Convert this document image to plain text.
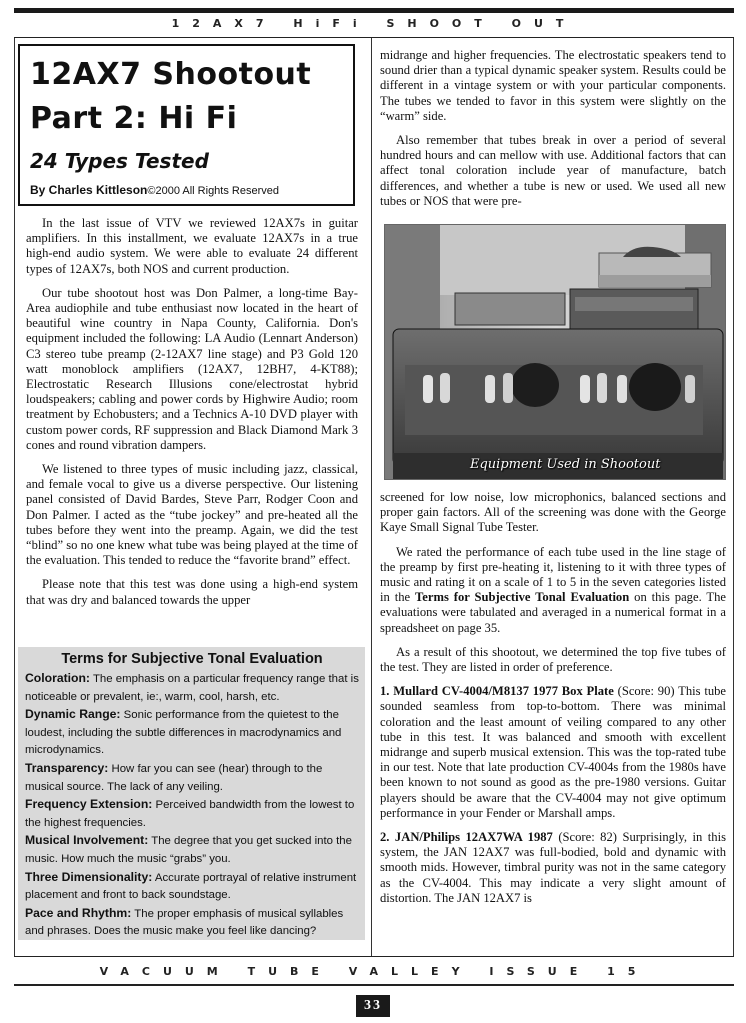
12AX7 HiFi SHOOT OUT
12AX7 Shootout
Part 2: Hi Fi
24 Types Tested
By Charles Kittleson©2000 All Rights Reserved

In the last issue of VTV we reviewed 12AX7s in guitar amplifiers. In this installment, we evaluate 12AX7s in a true high-end audio system. We were able to evaluate 24 different types of 12AX7s, both NOS and current production.

Our tube shootout host was Don Palmer, a long-time Bay-Area audiophile and tube enthusiast now located in the heart of beautiful wine country in Napa County, California. Don's equipment included the following: LA Audio (Lennart Anderson) C3 stereo tube preamp (2-12AX7 line stage) and P3 Gold 120 watt monoblock amplifiers (12AX7, 12BH7, 4-KT88); Electrostatic Research Illusions cone/electrostat hybrid loudspeakers; cabling and power cords by Highwire Audio; room treatment by Echobusters; and a Technics A-10 DVD player with custom power cords, RF suppression and Black Diamond Mark 3 cones and round vibration dampers.

We listened to three types of music including jazz, classical, and female vocal to give us a diverse perspective. Our listening panel consisted of David Bardes, Steve Parr, Rodger Coon and Don Palmer. I acted as the “tube jockey” and pre-heated all the tubes before they went into the preamp. Again, we did the test “blind” so no one knew what tube was being played at the time of the evaluation. This tended to reduce the “favorite brand” effect.

Please note that this test was done using a high-end system that was dry and balanced towards the upper

Terms for Subjective Tonal Evaluation

Coloration: The emphasis on a particular frequency range that is noticeable or prevalent, ie:, warm, cool, harsh, etc.

Dynamic Range: Sonic performance from the quietest to the loudest, including the subtle differences in macrodynamics and microdynamics.

Transparency: How far you can see (hear) through to the musical source. The lack of any veiling.

Frequency Extension: Perceived bandwidth from the lowest to the highest frequencies.

Musical Involvement: The degree that you get sucked into the music. How much the music “grabs” you.

Three Dimensionality: Accurate portrayal of relative instrument placement and front to back soundstage.

Pace and Rhythm: The proper emphasis of musical syllables and phrases. Does the music make you feel like dancing?

midrange and higher frequencies. The electrostatic speakers tend to sound drier than a typical dynamic speaker system. Results could be different in a vintage system or with your particular components. The tubes we tended to favor in this system were slightly on the “warm” side.

Also remember that tubes break in over a period of several hundred hours and can mellow with use. Additional factors that can affect tonal coloration include year of manufacture, batch differences, and whether a tube is new or used. We used all new tubes or NOS that were pre-

Equipment Used in Shootout

screened for low noise, low microphonics, balanced sections and proper gain factors. All of the screening was done with the George Kaye Small Signal Tube Tester.

We rated the performance of each tube used in the line stage of the preamp by first pre-heating it, listening to it with three types of music and rating it on a scale of 1 to 5 in the seven categories listed in the Terms for Subjective Tonal Evaluation on this page. The evaluations were tabulated and averaged in a numerical format in a spreadsheet on page 35.

As a result of this shootout, we determined the top five tubes of the test. They are listed in order of preference.

1. Mullard CV-4004/M8137 1977 Box Plate (Score: 90) This tube sounded seamless from top-to-bottom. There was minimal coloration and the least amount of veiling compared to any other tube in this test. It was balanced and smooth with excellent midrange and superb musical extension. This was the top-rated tube in our test. Note that late production CV-4004s from the 1980s have been known to not sound as good as the pre-1980 versions. Guitar players should be aware that the CV-4004 may not give optimum performance in your Fender or Marshall amps.

2. JAN/Philips 12AX7WA 1987 (Score: 82) Surprisingly, in this system, the JAN 12AX7 was full-bodied, bold and dynamic with smooth mids. However, timbral purity was not in the same category as the CV-4004. This may indicate a very slight amount of distortion. The JAN 12AX7 is

VACUUM TUBE VALLEY ISSUE 15
33
